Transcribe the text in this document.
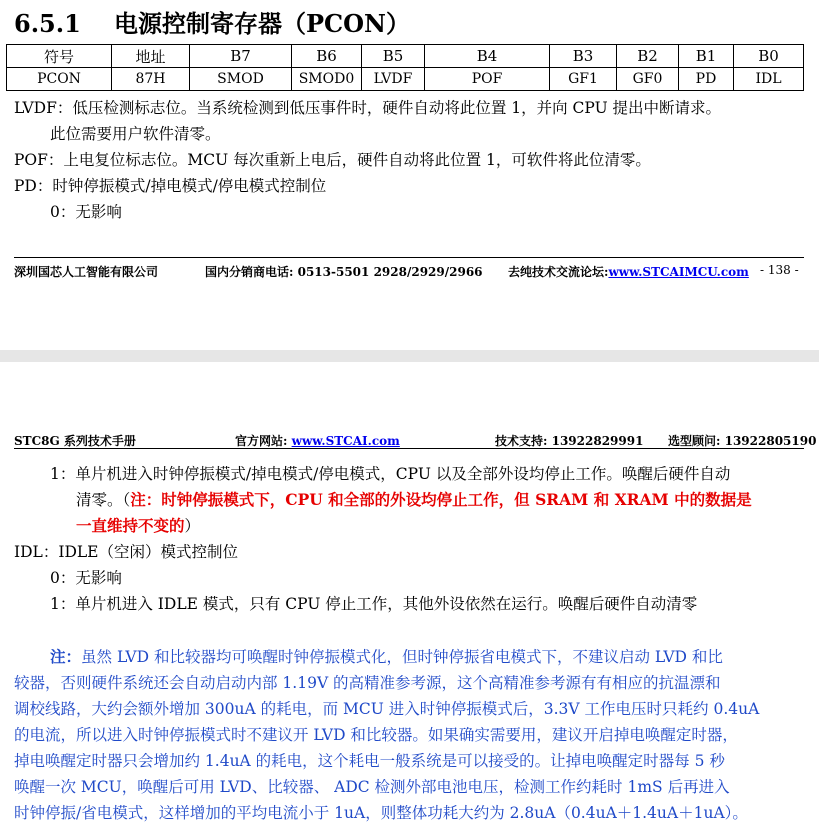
6.5.1 电源控制寄存器（PCON）
符号	地址	B7	B6	B5	B4	B3	B2	B1	B0
PCON	87H	SMOD	SMOD0	LVDF	POF	GF1	GF0	PD	IDL
LVDF：低压检测标志位。当系统检测到低压事件时，硬件自动将此位置 1，并向 CPU 提出中断请求。
此位需要用户软件清零。
POF：上电复位标志位。MCU 每次重新上电后，硬件自动将此位置 1，可软件将此位清零。
PD：时钟停振模式/掉电模式/停电模式控制位
0：无影响
深圳国芯人工智能有限公司	国内分销商电话: 0513-5501 2928/2929/2966 去纯技术交流论坛:www.STCAIMCU.com - 138 -
STC8G 系列技术手册	官方网站: www.STCAI.com	技术支持: 13922829991 选型顾问: 13922805190
1：单片机进入时钟停振模式/掉电模式/停电模式，CPU 以及全部外设均停止工作。唤醒后硬件自动
清零。（注：时钟停振模式下，CPU 和全部的外设均停止工作，但 SRAM 和 XRAM 中的数据是
一直维持不变的）
IDL：IDLE（空闲）模式控制位
0：无影响
1：单片机进入 IDLE 模式，只有 CPU 停止工作，其他外设依然在运行。唤醒后硬件自动清零
注：虽然 LVD 和比较器均可唤醒时钟停振模式化，但时钟停振省电模式下，不建议启动 LVD 和比
较器，否则硬件系统还会自动启动内部 1.19V 的高精准参考源，这个高精准参考源有有相应的抗温漂和
调校线路，大约会额外增加 300uA 的耗电，而 MCU 进入时钟停振模式后，3.3V 工作电压时只耗约 0.4uA
的电流，所以进入时钟停振模式时不建议开 LVD 和比较器。如果确实需要用，建议开启掉电唤醒定时器，
掉电唤醒定时器只会增加约 1.4uA 的耗电，这个耗电一般系统是可以接受的。让掉电唤醒定时器每 5 秒
唤醒一次 MCU，唤醒后可用 LVD、比较器、 ADC 检测外部电池电压，检测工作约耗时 1mS 后再进入
时钟停振/省电模式，这样增加的平均电流小于 1uA，则整体功耗大约为 2.8uA（0.4uA＋1.4uA＋1uA）。
